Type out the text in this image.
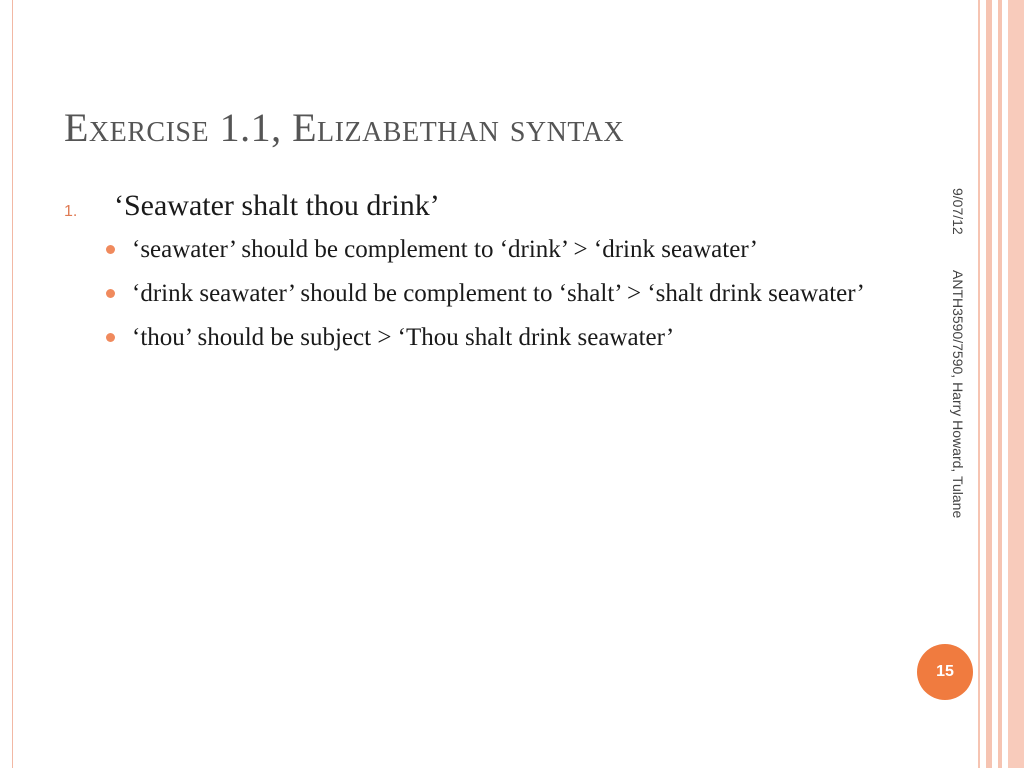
Exercise 1.1, Elizabethan syntax
1. ‘Seawater shalt thou drink’
‘seawater’ should be complement to ‘drink’ > ‘drink seawater’
‘drink seawater’ should be complement to ‘shalt’ > ‘shalt drink seawater’
‘thou’ should be subject > ‘Thou shalt drink seawater’
9/07/12
ANTH3590/7590, Harry Howard, Tulane
15
